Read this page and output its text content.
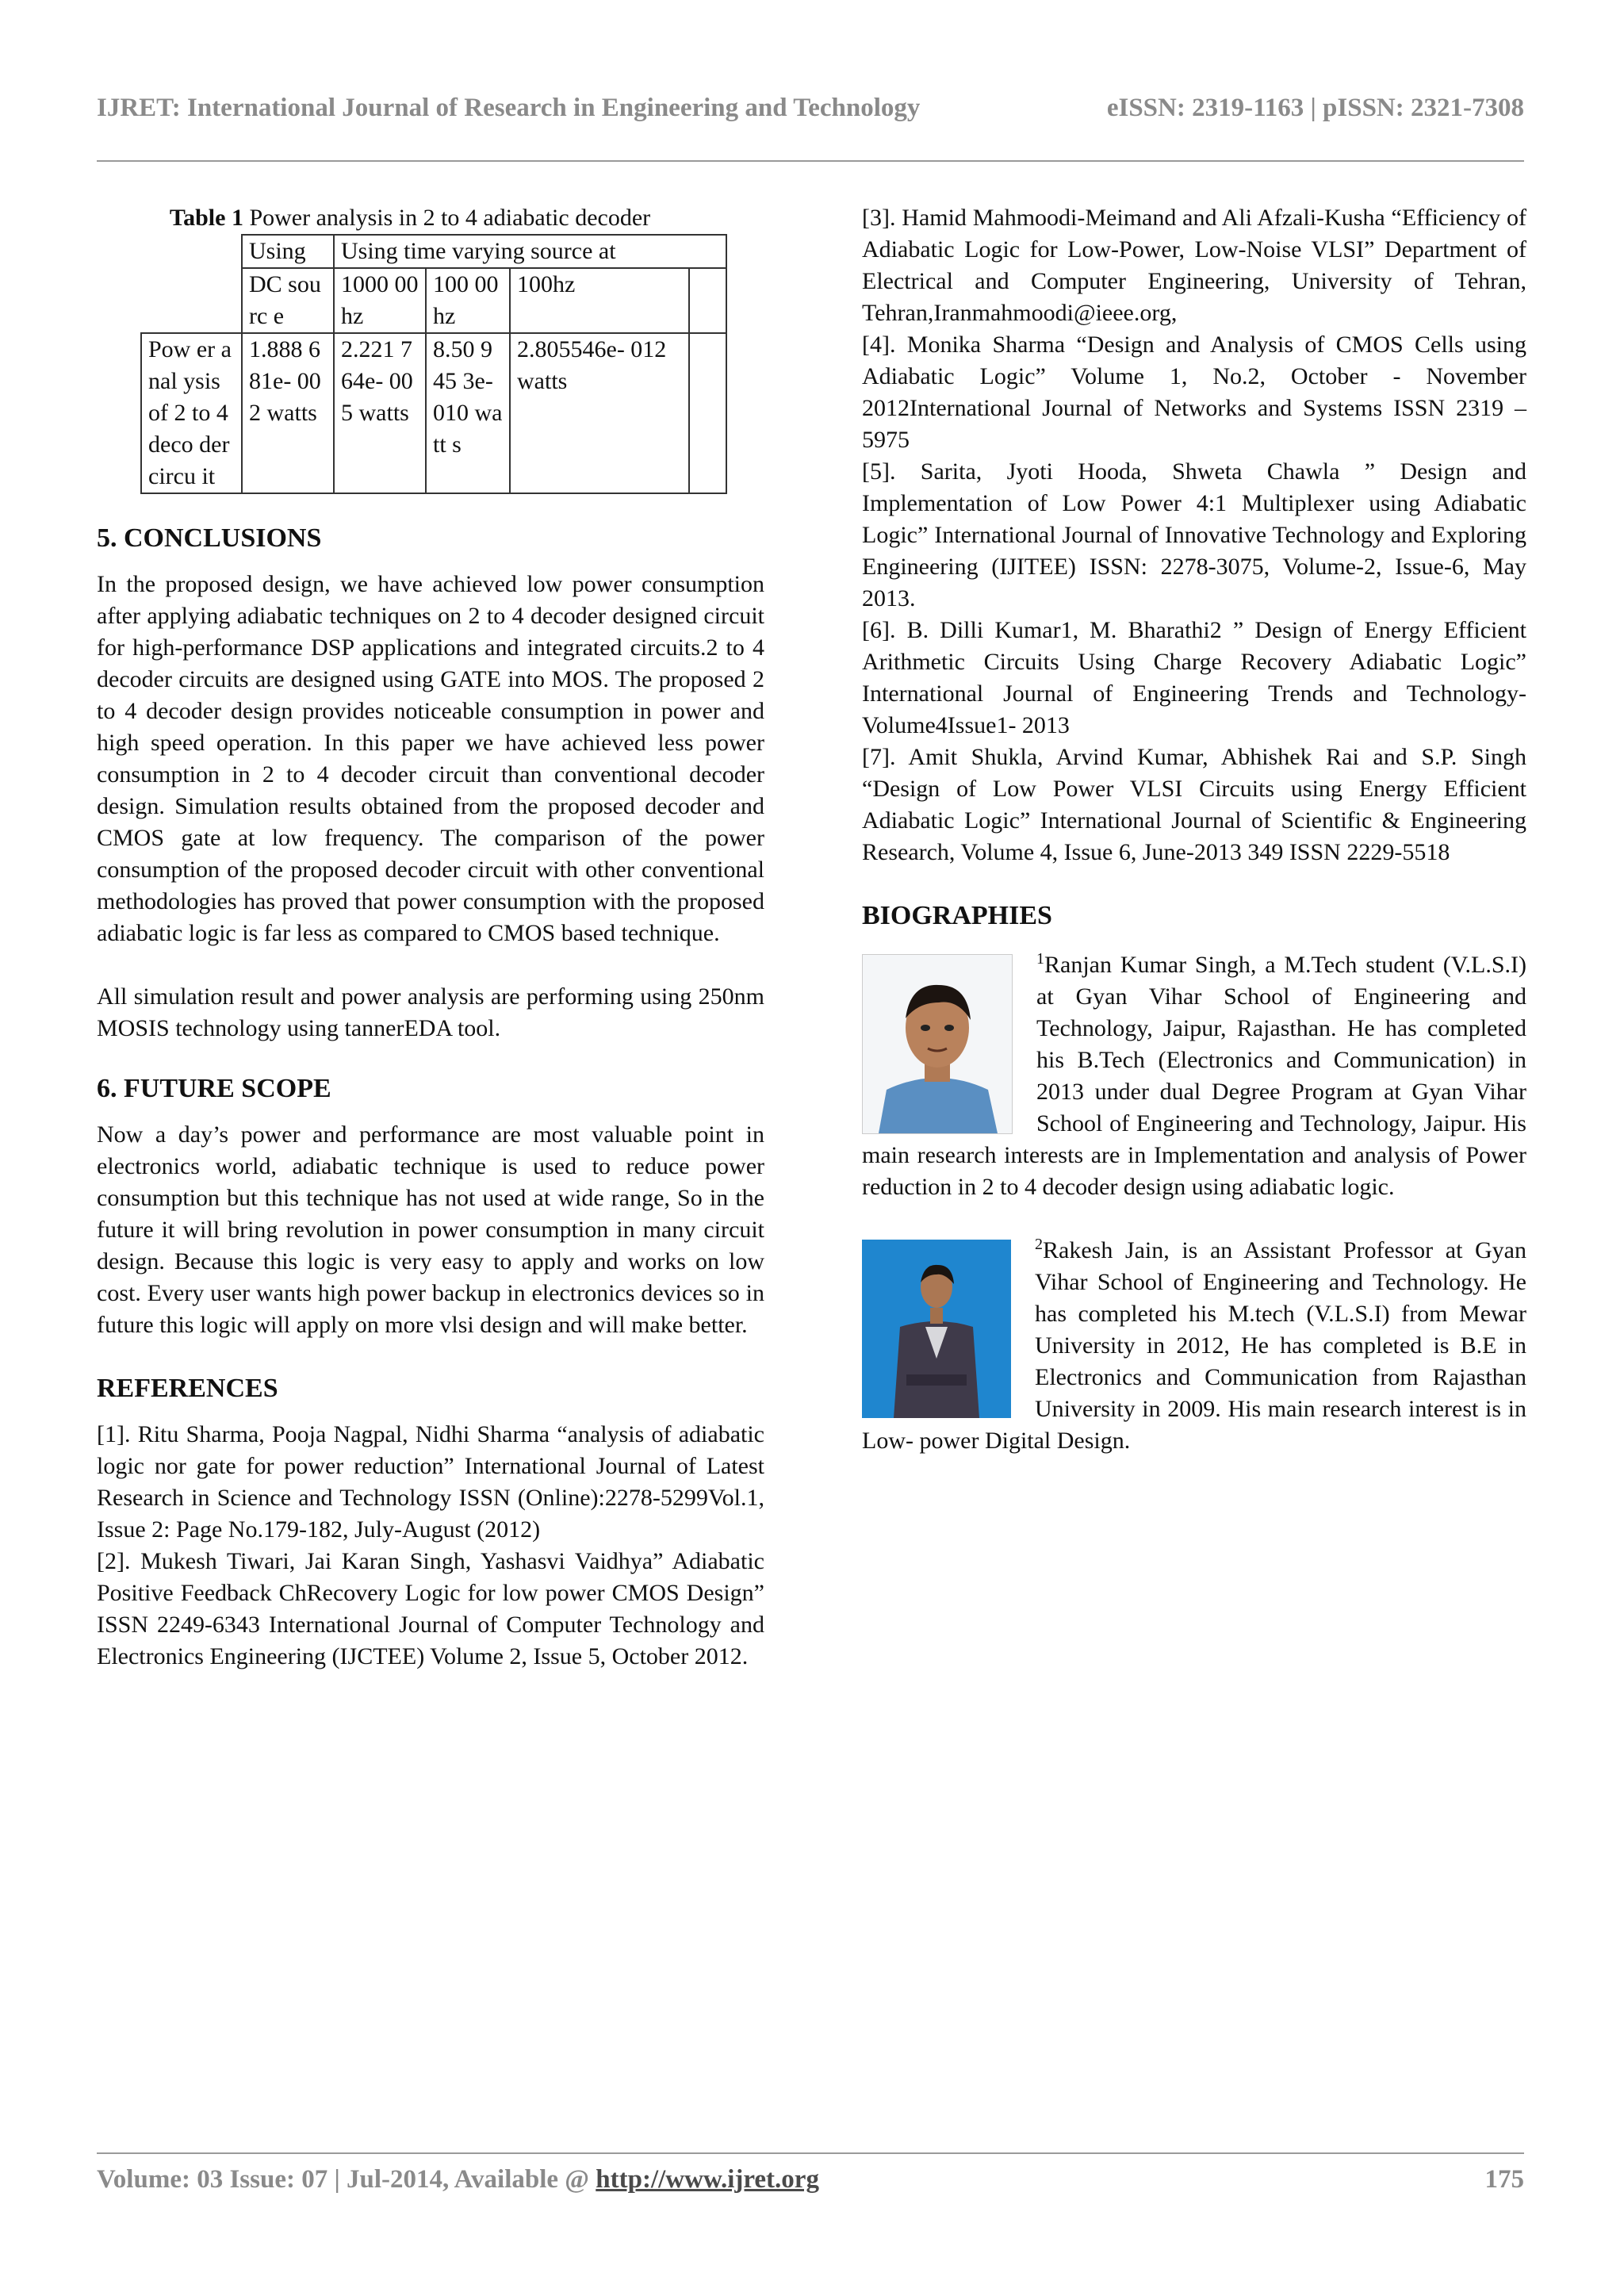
IJRET: International Journal of Research in Engineering and Technology	eISSN: 2319-1163 | pISSN: 2321-7308
Table 1 Power analysis in 2 to 4 adiabatic decoder
	Using	Using time varying source at			
	DC sourc e	1000 00hz	100 00hz	100hz	
Pow er anal ysis of 2 to 4 deco der circu it	1.888 681e- 002 watts	2.221 764e- 005 watts	8.50 945 3e- 010 watt s	2.805546e- 012 watts	
5. CONCLUSIONS

In the proposed design, we have achieved low power consumption after applying adiabatic techniques on 2 to 4 decoder designed circuit for high-performance DSP applications and integrated circuits.2 to 4 decoder circuits are designed using GATE into MOS. The proposed 2 to 4 decoder design provides noticeable consumption in power and high speed operation. In this paper we have achieved less power consumption in 2 to 4 decoder circuit than conventional decoder design. Simulation results obtained from the proposed decoder and CMOS gate at low frequency. The comparison of the power consumption of the proposed decoder circuit with other conventional methodologies has proved that power consumption with the proposed adiabatic logic is far less as compared to CMOS based technique.

All simulation result and power analysis are performing using 250nm MOSIS technology using tannerEDA tool.

6. FUTURE SCOPE

Now a day’s power and performance are most valuable point in electronics world, adiabatic technique is used to reduce power consumption but this technique has not used at wide range, So in the future it will bring revolution in power consumption in many circuit design. Because this logic is very easy to apply and works on low cost. Every user wants high power backup in electronics devices so in future this logic will apply on more vlsi design and will make better.

REFERENCES

[1]. Ritu Sharma, Pooja Nagpal, Nidhi Sharma “analysis of adiabatic logic nor gate for power reduction” International Journal of Latest Research in Science and Technology ISSN (Online):2278-5299Vol.1, Issue 2: Page No.179-182, July-August (2012)

[2]. Mukesh Tiwari, Jai Karan Singh, Yashasvi Vaidhya” Adiabatic Positive Feedback ChRecovery Logic for low power CMOS Design” ISSN 2249-6343 International Journal of Computer Technology and Electronics Engineering (IJCTEE) Volume 2, Issue 5, October 2012.

[3]. Hamid Mahmoodi-Meimand and Ali Afzali-Kusha “Efficiency of Adiabatic Logic for Low-Power, Low-Noise VLSI” Department of Electrical and Computer Engineering, University of Tehran, Tehran,Iranmahmoodi@ieee.org,

[4]. Monika Sharma “Design and Analysis of CMOS Cells using Adiabatic Logic” Volume 1, No.2, October - November 2012International Journal of Networks and Systems ISSN 2319 – 5975

[5]. Sarita, Jyoti Hooda, Shweta Chawla ” Design and Implementation of Low Power 4:1 Multiplexer using Adiabatic Logic” International Journal of Innovative Technology and Exploring Engineering (IJITEE) ISSN: 2278-3075, Volume-2, Issue-6, May 2013.

[6]. B. Dilli Kumar1, M. Bharathi2 ” Design of Energy Efficient Arithmetic Circuits Using Charge Recovery Adiabatic Logic” International Journal of Engineering Trends and Technology- Volume4Issue1- 2013

[7]. Amit Shukla, Arvind Kumar, Abhishek Rai and S.P. Singh “Design of Low Power VLSI Circuits using Energy Efficient Adiabatic Logic” International Journal of Scientific & Engineering Research, Volume 4, Issue 6, June-2013 349 ISSN 2229-5518

BIOGRAPHIES

$^1$Ranjan Kumar Singh, a M.Tech student (V.L.S.I) at Gyan Vihar School of Engineering and Technology, Jaipur, Rajasthan. He has completed his B.Tech (Electronics and Communication) in 2013 under dual Degree Program at Gyan Vihar School of Engineering and Technology, Jaipur. His main research interests are in Implementation and analysis of Power reduction in 2 to 4 decoder design using adiabatic logic.

$^2$Rakesh Jain, is an Assistant Professor at Gyan Vihar School of Engineering and Technology. He has completed his M.tech (V.L.S.I) from Mewar University in 2012, He has completed is B.E in Electronics and Communication from Rajasthan University in 2009. His main research interest is in Low- power Digital Design.

Volume: 03 Issue: 07 | Jul-2014, Available @ http://www.ijret.org	175
